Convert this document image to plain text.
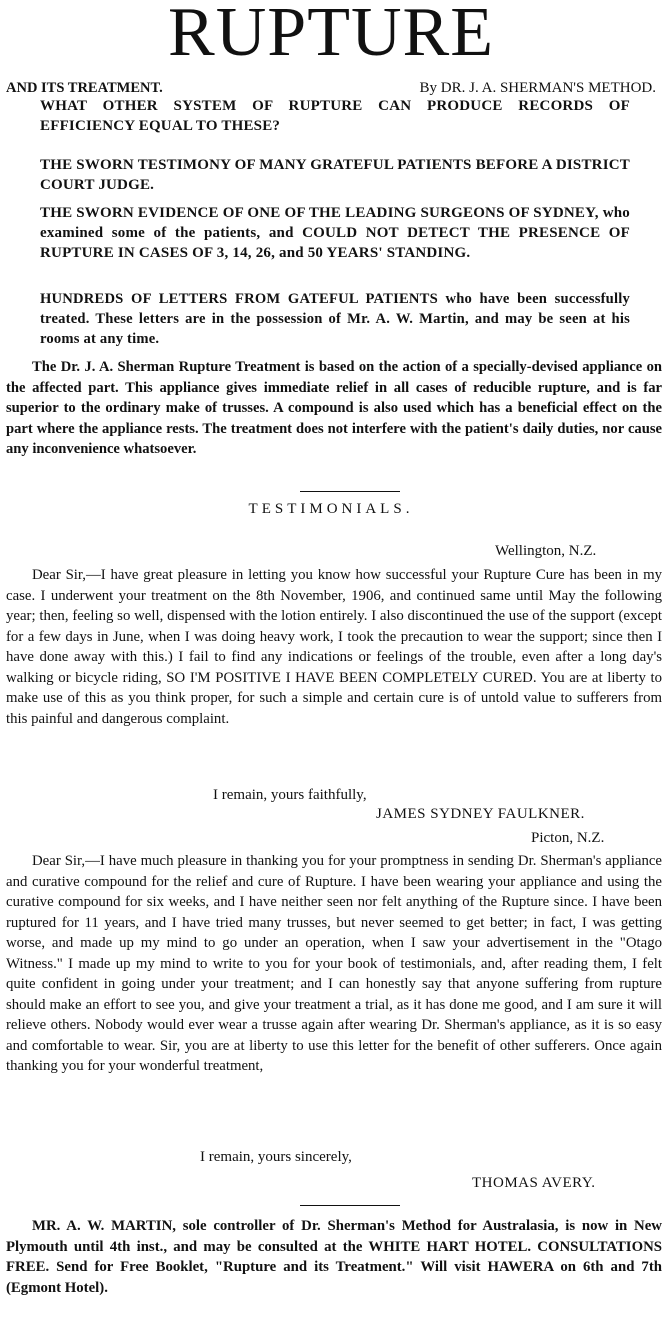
RUPTURE
AND ITS TREATMENT.	By DR. J. A. SHERMAN'S METHOD.

WHAT OTHER SYSTEM OF RUPTURE CAN PRODUCE RECORDS OF EFFICIENCY EQUAL TO THESE?

THE SWORN TESTIMONY OF MANY GRATEFUL PATIENTS BEFORE A DISTRICT COURT JUDGE.

THE SWORN EVIDENCE OF ONE OF THE LEADING SURGEONS OF SYDNEY, who examined some of the patients, and COULD NOT DETECT THE PRESENCE OF RUPTURE IN CASES OF 3, 14, 26, and 50 YEARS' STANDING.

HUNDREDS OF LETTERS FROM GATEFUL PATIENTS who have been successfully treated. These letters are in the possession of Mr. A. W. Martin, and may be seen at his rooms at any time.

The Dr. J. A. Sherman Rupture Treatment is based on the action of a specially-devised appliance on the affected part. This appliance gives immediate relief in all cases of reducible rupture, and is far superior to the ordinary make of trusses. A compound is also used which has a beneficial effect on the part where the appliance rests. The treatment does not interfere with the patient's daily duties, nor cause any inconvenience whatsoever.

TESTIMONIALS.
Wellington, N.Z.

Dear Sir,—I have great pleasure in letting you know how successful your Rupture Cure has been in my case. I underwent your treatment on the 8th November, 1906, and continued same until May the following year; then, feeling so well, dispensed with the lotion entirely. I also discontinued the use of the support (except for a few days in June, when I was doing heavy work, I took the precaution to wear the support; since then I have done away with this.) I fail to find any indications or feelings of the trouble, even after a long day's walking or bicycle riding, SO I'M POSITIVE I HAVE BEEN COMPLETELY CURED. You are at liberty to make use of this as you think proper, for such a simple and certain cure is of untold value to sufferers from this painful and dangerous complaint.

I remain, yours faithfully,
JAMES SYDNEY FAULKNER.
Picton, N.Z.

Dear Sir,—I have much pleasure in thanking you for your promptness in sending Dr. Sherman's appliance and curative compound for the relief and cure of Rupture. I have been wearing your appliance and using the curative compound for six weeks, and I have neither seen nor felt anything of the Rupture since. I have been ruptured for 11 years, and I have tried many trusses, but never seemed to get better; in fact, I was getting worse, and made up my mind to go under an operation, when I saw your advertisement in the "Otago Witness." I made up my mind to write to you for your book of testimonials, and, after reading them, I felt quite confident in going under your treatment; and I can honestly say that anyone suffering from rupture should make an effort to see you, and give your treatment a trial, as it has done me good, and I am sure it will relieve others. Nobody would ever wear a trusse again after wearing Dr. Sherman's appliance, as it is so easy and comfortable to wear. Sir, you are at liberty to use this letter for the benefit of other sufferers. Once again thanking you for your wonderful treatment,

I remain, yours sincerely,
THOMAS AVERY.

MR. A. W. MARTIN, sole controller of Dr. Sherman's Method for Australasia, is now in New Plymouth until 4th inst., and may be consulted at the WHITE HART HOTEL. CONSULTATIONS FREE. Send for Free Booklet, "Rupture and its Treatment." Will visit HAWERA on 6th and 7th (Egmont Hotel).
